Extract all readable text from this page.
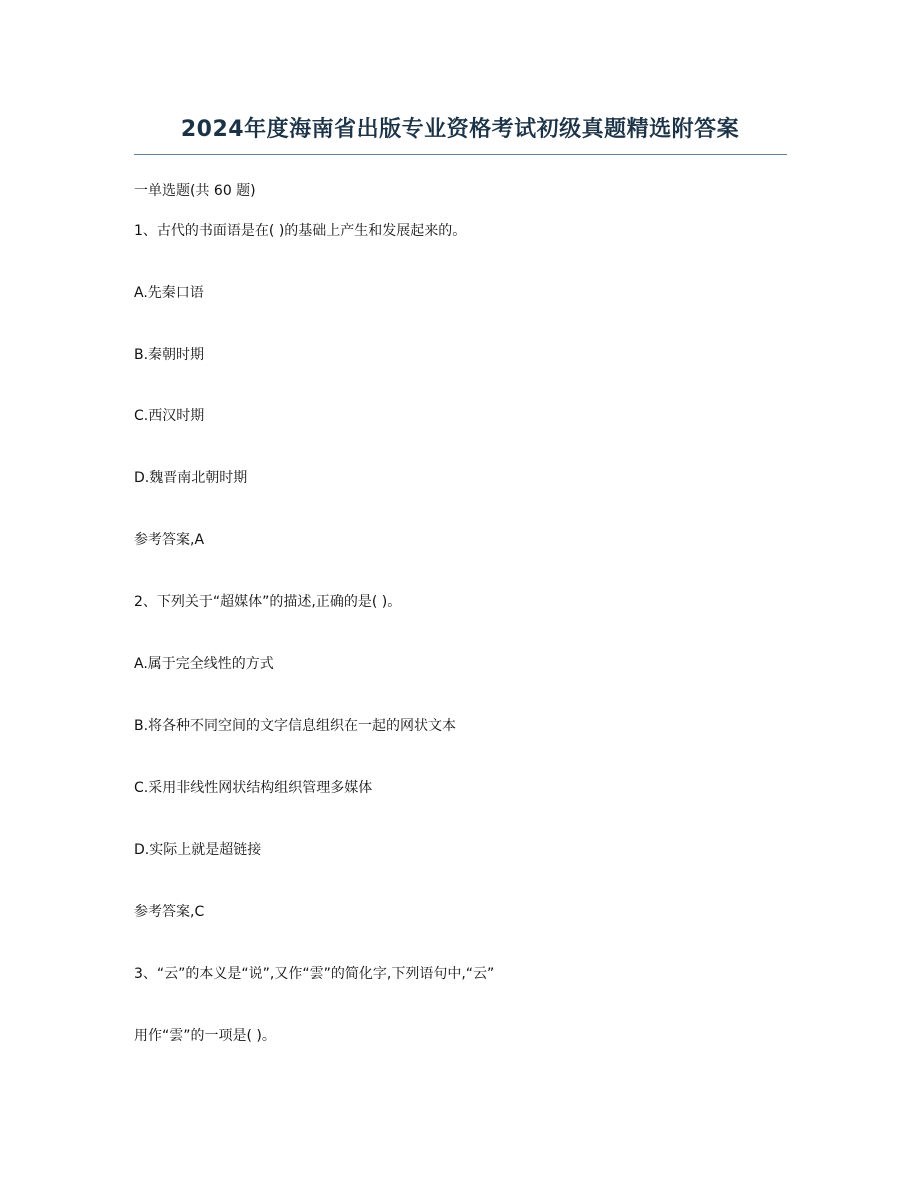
2024年度海南省出版专业资格考试初级真题精选附答案
一单选题(共 60 题)
1、古代的书面语是在( )的基础上产生和发展起来的。
A.先秦口语
B.秦朝时期
C.西汉时期
D.魏晋南北朝时期
参考答案,A
2、下列关于“超媒体”的描述,正确的是( )。
A.属于完全线性的方式
B.将各种不同空间的文字信息组织在一起的网状文本
C.采用非线性网状结构组织管理多媒体
D.实际上就是超链接
参考答案,C
3、“云”的本义是“说”,又作“雲”的简化字,下列语句中,“云”
用作“雲”的一项是( )。
